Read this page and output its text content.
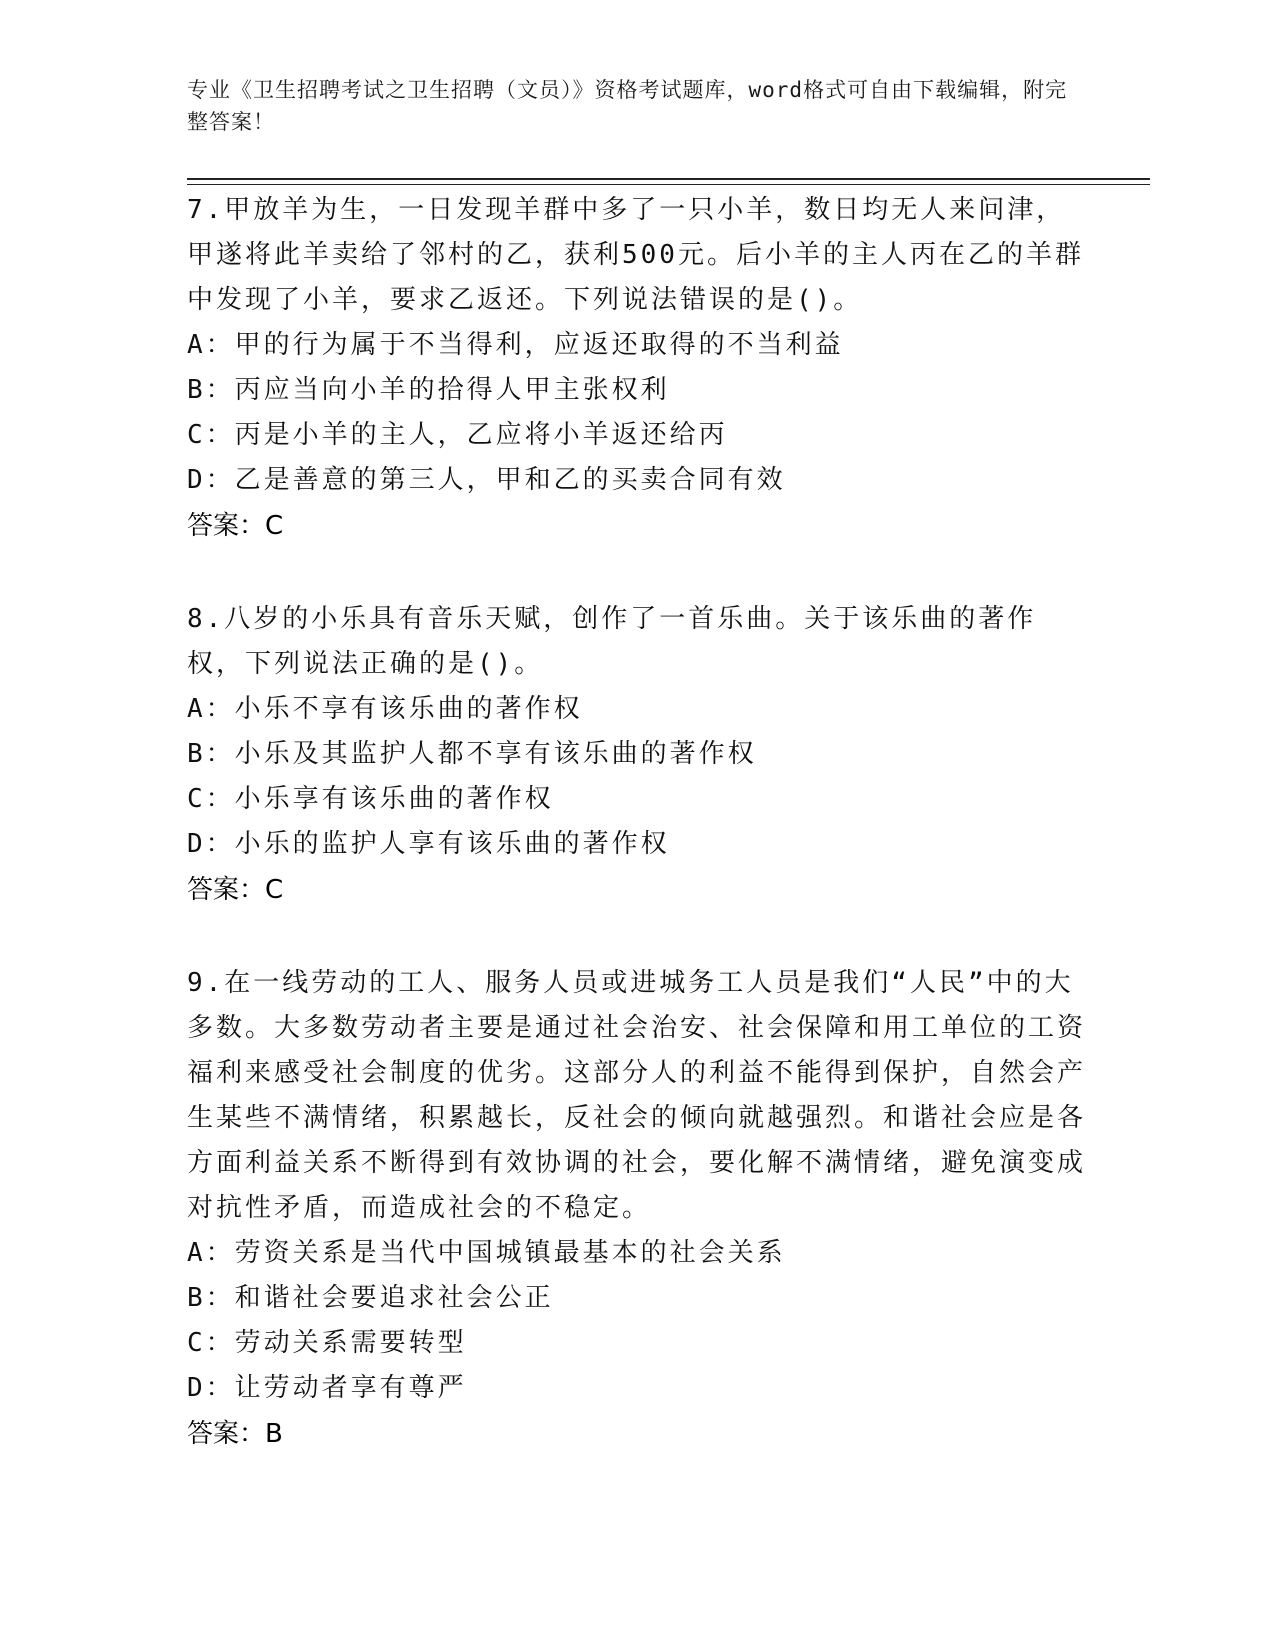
专业《卫生招聘考试之卫生招聘（文员）》资格考试题库，word格式可自由下载编辑，附完整答案！

7.甲放羊为生，一日发现羊群中多了一只小羊，数日均无人来问津，甲遂将此羊卖给了邻村的乙，获利500元。后小羊的主人丙在乙的羊群中发现了小羊，要求乙返还。下列说法错误的是()。

A：甲的行为属于不当得利，应返还取得的不当利益

B：丙应当向小羊的拾得人甲主张权利

C：丙是小羊的主人，乙应将小羊返还给丙

D：乙是善意的第三人，甲和乙的买卖合同有效

答案：C

8.八岁的小乐具有音乐天赋，创作了一首乐曲。关于该乐曲的著作权，下列说法正确的是()。

A：小乐不享有该乐曲的著作权

B：小乐及其监护人都不享有该乐曲的著作权

C：小乐享有该乐曲的著作权

D：小乐的监护人享有该乐曲的著作权

答案：C

9.在一线劳动的工人、服务人员或进城务工人员是我们“人民”中的大多数。大多数劳动者主要是通过社会治安、社会保障和用工单位的工资福利来感受社会制度的优劣。这部分人的利益不能得到保护，自然会产生某些不满情绪，积累越长，反社会的倾向就越强烈。和谐社会应是各方面利益关系不断得到有效协调的社会，要化解不满情绪，避免演变成对抗性矛盾，而造成社会的不稳定。

A：劳资关系是当代中国城镇最基本的社会关系

B：和谐社会要追求社会公正

C：劳动关系需要转型

D：让劳动者享有尊严

答案：B
